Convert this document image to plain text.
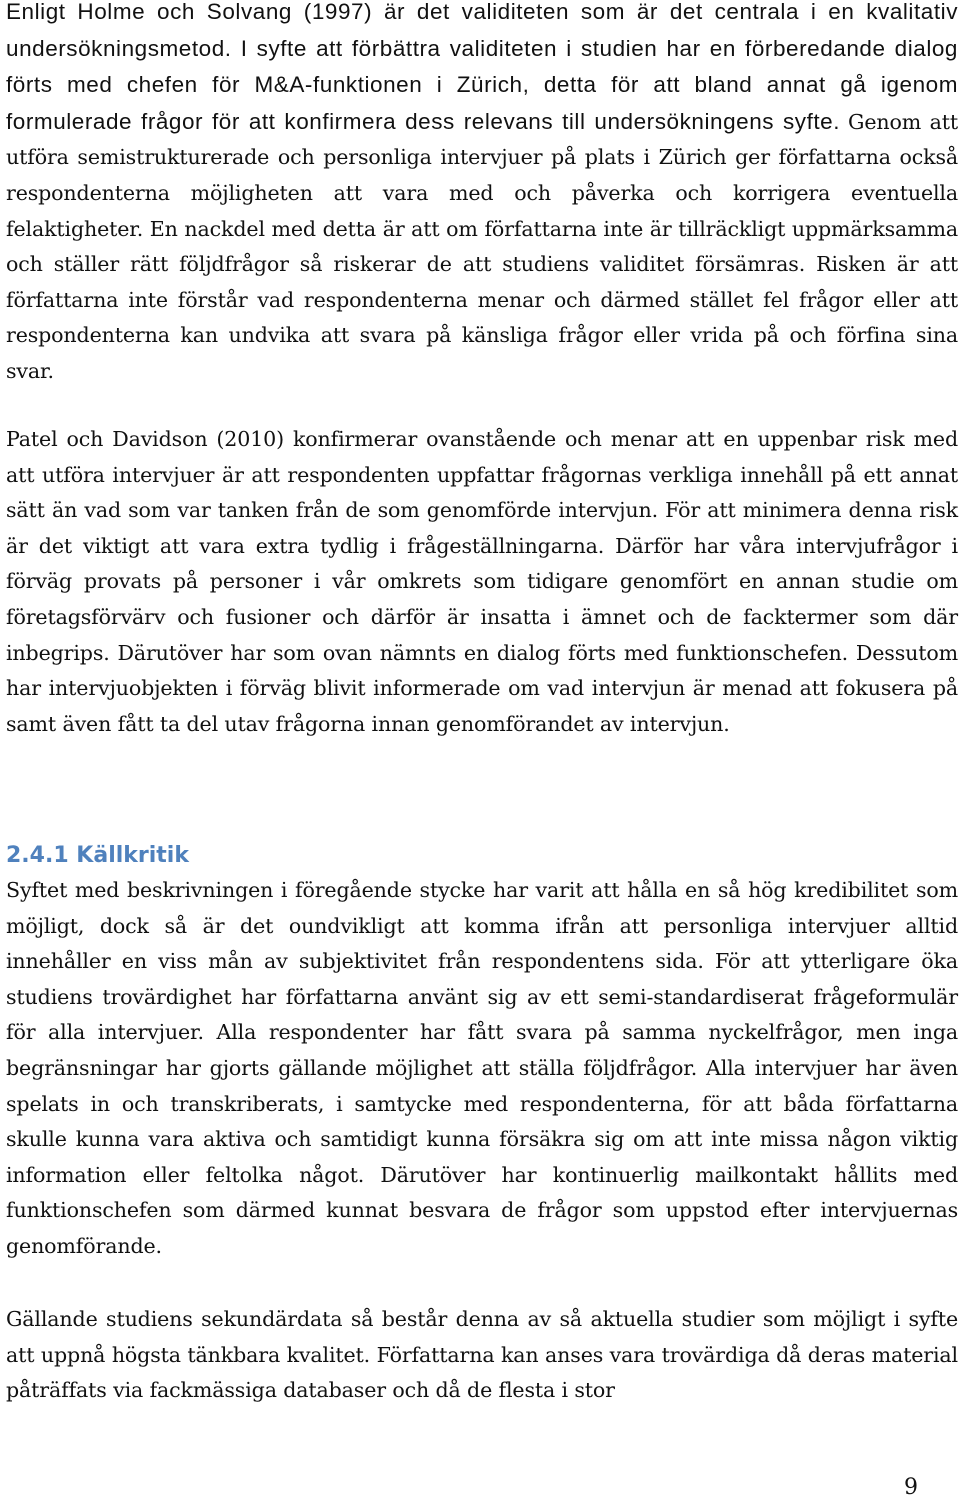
Enligt Holme och Solvang (1997) är det validiteten som är det centrala i en kvalitativ undersökningsmetod. I syfte att förbättra validiteten i studien har en förberedande dialog förts med chefen för M&A-funktionen i Zürich, detta för att bland annat gå igenom formulerade frågor för att konfirmera dess relevans till undersökningens syfte. Genom att utföra semistrukturerade och personliga intervjuer på plats i Zürich ger författarna också respondenterna möjligheten att vara med och påverka och korrigera eventuella felaktigheter. En nackdel med detta är att om författarna inte är tillräckligt uppmärksamma och ställer rätt följdfrågor så riskerar de att studiens validitet försämras. Risken är att författarna inte förstår vad respondenterna menar och därmed stället fel frågor eller att respondenterna kan undvika att svara på känsliga frågor eller vrida på och förfina sina svar.

Patel och Davidson (2010) konfirmerar ovanstående och menar att en uppenbar risk med att utföra intervjuer är att respondenten uppfattar frågornas verkliga innehåll på ett annat sätt än vad som var tanken från de som genomförde intervjun. För att minimera denna risk är det viktigt att vara extra tydlig i frågeställningarna. Därför har våra intervjufrågor i förväg provats på personer i vår omkrets som tidigare genomfört en annan studie om företagsförvärv och fusioner och därför är insatta i ämnet och de facktermer som där inbegrips. Därutöver har som ovan nämnts en dialog förts med funktionschefen. Dessutom har intervjuobjekten i förväg blivit informerade om vad intervjun är menad att fokusera på samt även fått ta del utav frågorna innan genomförandet av intervjun.

2.4.1 Källkritik

Syftet med beskrivningen i föregående stycke har varit att hålla en så hög kredibilitet som möjligt, dock så är det oundvikligt att komma ifrån att personliga intervjuer alltid innehåller en viss mån av subjektivitet från respondentens sida. För att ytterligare öka studiens trovärdighet har författarna använt sig av ett semi-standardiserat frågeformulär för alla intervjuer. Alla respondenter har fått svara på samma nyckelfrågor, men inga begränsningar har gjorts gällande möjlighet att ställa följdfrågor. Alla intervjuer har även spelats in och transkriberats, i samtycke med respondenterna, för att båda författarna skulle kunna vara aktiva och samtidigt kunna försäkra sig om att inte missa någon viktig information eller feltolka något. Därutöver har kontinuerlig mailkontakt hållits med funktionschefen som därmed kunnat besvara de frågor som uppstod efter intervjuernas genomförande.

Gällande studiens sekundärdata så består denna av så aktuella studier som möjligt i syfte att uppnå högsta tänkbara kvalitet. Författarna kan anses vara trovärdiga då deras material påträffats via fackmässiga databaser och då de flesta i stor

9
